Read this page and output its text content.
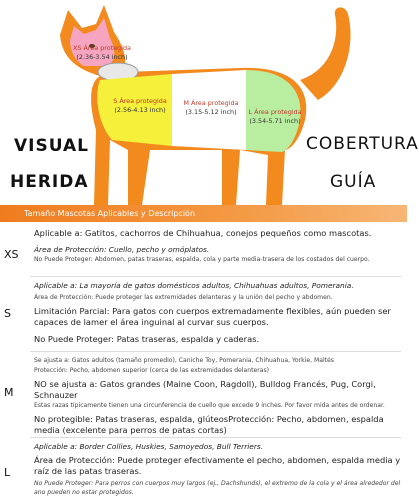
VISUAL
HERIDA
COBERTURA
GUÍA
XS Área protegida
(2.36-3.54 inch)
S Área protegida
(2.56-4.13 inch)
M Área protegida
(3.15-5.12 inch)	L Área protegida
(3.54-5.71 inch)
Tamaño Mascotas Aplicables y Descripción
XS
Aplicable a: Gatitos, cachorros de Chihuahua, conejos pequeños como mascotas.
Área de Protección: Cuello, pecho y omóplatos.
No Puede Proteger: Abdomen, patas traseras, espalda, cola y parte media-trasera de los costados del cuerpo.
S
Aplicable a: La mayoría de gatos domésticos adultos, Chihuahuas adultos, Pomerania.
Área de Protección: Puede proteger las extremidades delanteras y la unión del pecho y abdomen.
Limitación Parcial: Para gatos con cuerpos extremadamente flexibles, aún pueden ser capaces de lamer el área inguinal al curvar sus cuerpos.
No Puede Proteger: Patas traseras, espalda y caderas.
M
Se ajusta a: Gatos adultos (tamaño promedio), Caniche Toy, Pomerania, Chihuahua, Yorkie, Maltés
Protección: Pecho, abdomen superior (cerca de las extremidades delanteras)
NO se ajusta a: Gatos grandes (Maine Coon, Ragdoll), Bulldog Francés, Pug, Corgi, Schnauzer
Estas razas típicamente tienen una circunferencia de cuello que excede 9 inches. Por favor mida antes de ordenar.
No protegible: Patas traseras, espalda, glúteosProtección: Pecho, abdomen, espalda media (excelente para perros de patas cortas)
L
Aplicable a: Border Collies, Huskies, Samoyedos, Bull Terriers.
Área de Protección: Puede proteger efectivamente el pecho, abdomen, espalda media y raíz de las patas traseras.
No Puede Proteger: Para perros con cuerpos muy largos (ej., Dachshunds), el extremo de la cola y el área alrededor del ano pueden no estar protegidos.
